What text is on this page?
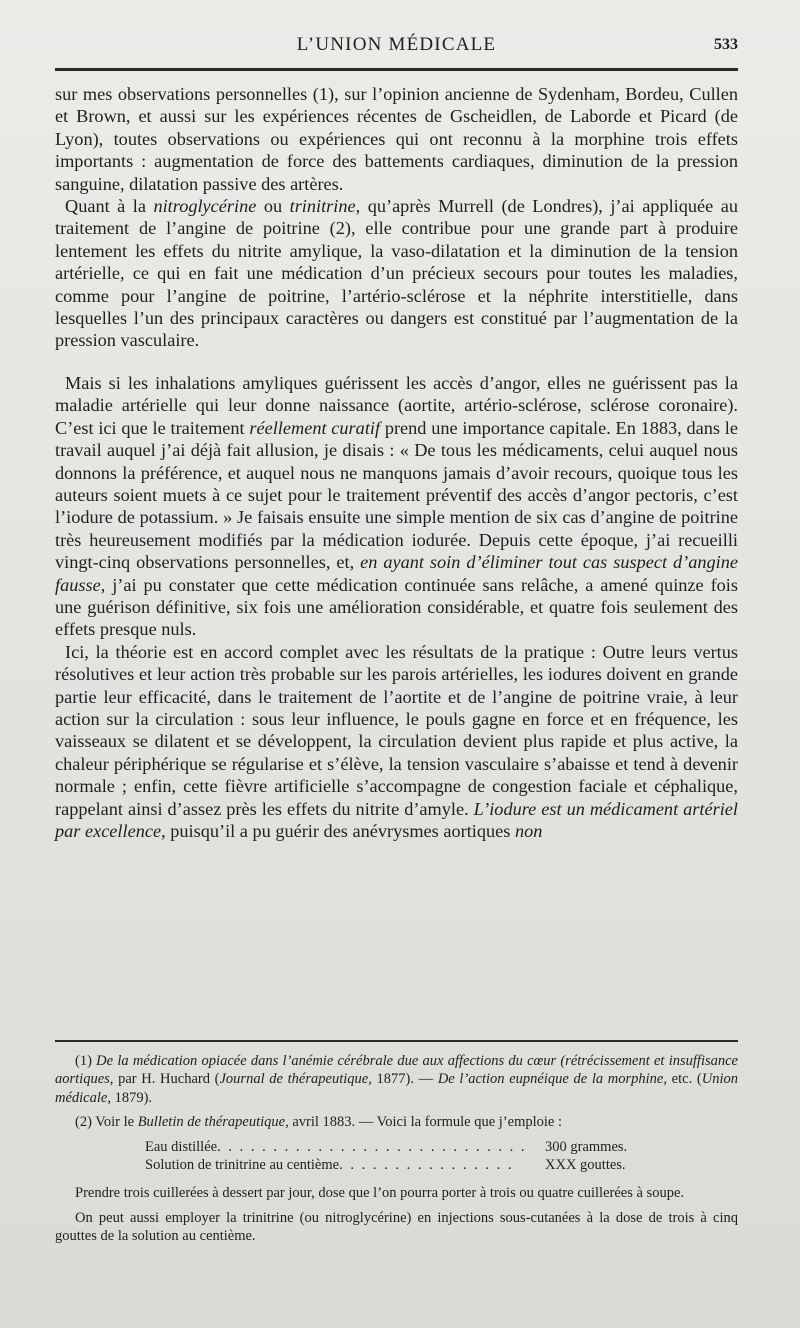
L’UNION MÉDICALE	533

sur mes observations personnelles (1), sur l’opinion ancienne de Sydenham, Bordeu, Cullen et Brown, et aussi sur les expériences récentes de Gscheidlen, de Laborde et Picard (de Lyon), toutes observations ou expériences qui ont reconnu à la morphine trois effets importants : augmentation de force des battements cardiaques, diminution de la pression sanguine, dilatation passive des artères.

Quant à la nitroglycérine ou trinitrine, qu’après Murrell (de Londres), j’ai appliquée au traitement de l’angine de poitrine (2), elle contribue pour une grande part à produire lentement les effets du nitrite amylique, la vaso-dilatation et la diminution de la tension artérielle, ce qui en fait une médication d’un précieux secours pour toutes les maladies, comme pour l’angine de poitrine, l’artério-sclérose et la néphrite interstitielle, dans lesquelles l’un des principaux caractères ou dangers est constitué par l’augmentation de la pression vasculaire.

Mais si les inhalations amyliques guérissent les accès d’angor, elles ne guérissent pas la maladie artérielle qui leur donne naissance (aortite, artério-sclérose, sclérose coronaire). C’est ici que le traitement réellement curatif prend une importance capitale. En 1883, dans le travail auquel j’ai déjà fait allusion, je disais : « De tous les médicaments, celui auquel nous donnons la préférence, et auquel nous ne manquons jamais d’avoir recours, quoique tous les auteurs soient muets à ce sujet pour le traitement préventif des accès d’angor pectoris, c’est l’iodure de potassium. » Je faisais ensuite une simple mention de six cas d’angine de poitrine très heureusement modifiés par la médication iodurée. Depuis cette époque, j’ai recueilli vingt-cinq observations personnelles, et, en ayant soin d’éliminer tout cas suspect d’angine fausse, j’ai pu constater que cette médication continuée sans relâche, a amené quinze fois une guérison définitive, six fois une amélioration considérable, et quatre fois seulement des effets presque nuls.

Ici, la théorie est en accord complet avec les résultats de la pratique : Outre leurs vertus résolutives et leur action très probable sur les parois artérielles, les iodures doivent en grande partie leur efficacité, dans le traitement de l’aortite et de l’angine de poitrine vraie, à leur action sur la circulation : sous leur influence, le pouls gagne en force et en fréquence, les vaisseaux se dilatent et se développent, la circulation devient plus rapide et plus active, la chaleur périphérique se régularise et s’élève, la tension vasculaire s’abaisse et tend à devenir normale ; enfin, cette fièvre artificielle s’accompagne de congestion faciale et céphalique, rappelant ainsi d’assez près les effets du nitrite d’amyle. L’iodure est un médicament artériel par excellence, puisqu’il a pu guérir des anévrysmes aortiques non

(1) De la médication opiacée dans l’anémie cérébrale due aux affections du cœur (rétrécissement et insuffisance aortiques, par H. Huchard (Journal de thérapeutique, 1877). — De l’action eupnéique de la morphine, etc. (Union médicale, 1879).

(2) Voir le Bulletin de thérapeutique, avril 1883. — Voici la formule que j’emploie :

Eau distillée . . . . . . . . . . . . . . . . . . . . . . . . . . . .	300 grammes.
Solution de trinitrine au centième . . . . . . . . . . . . . . . .	XXX gouttes.

Prendre trois cuillerées à dessert par jour, dose que l’on pourra porter à trois ou quatre cuillerées à soupe.

On peut aussi employer la trinitrine (ou nitroglycérine) en injections sous-cutanées à la dose de trois à cinq gouttes de la solution au centième.
